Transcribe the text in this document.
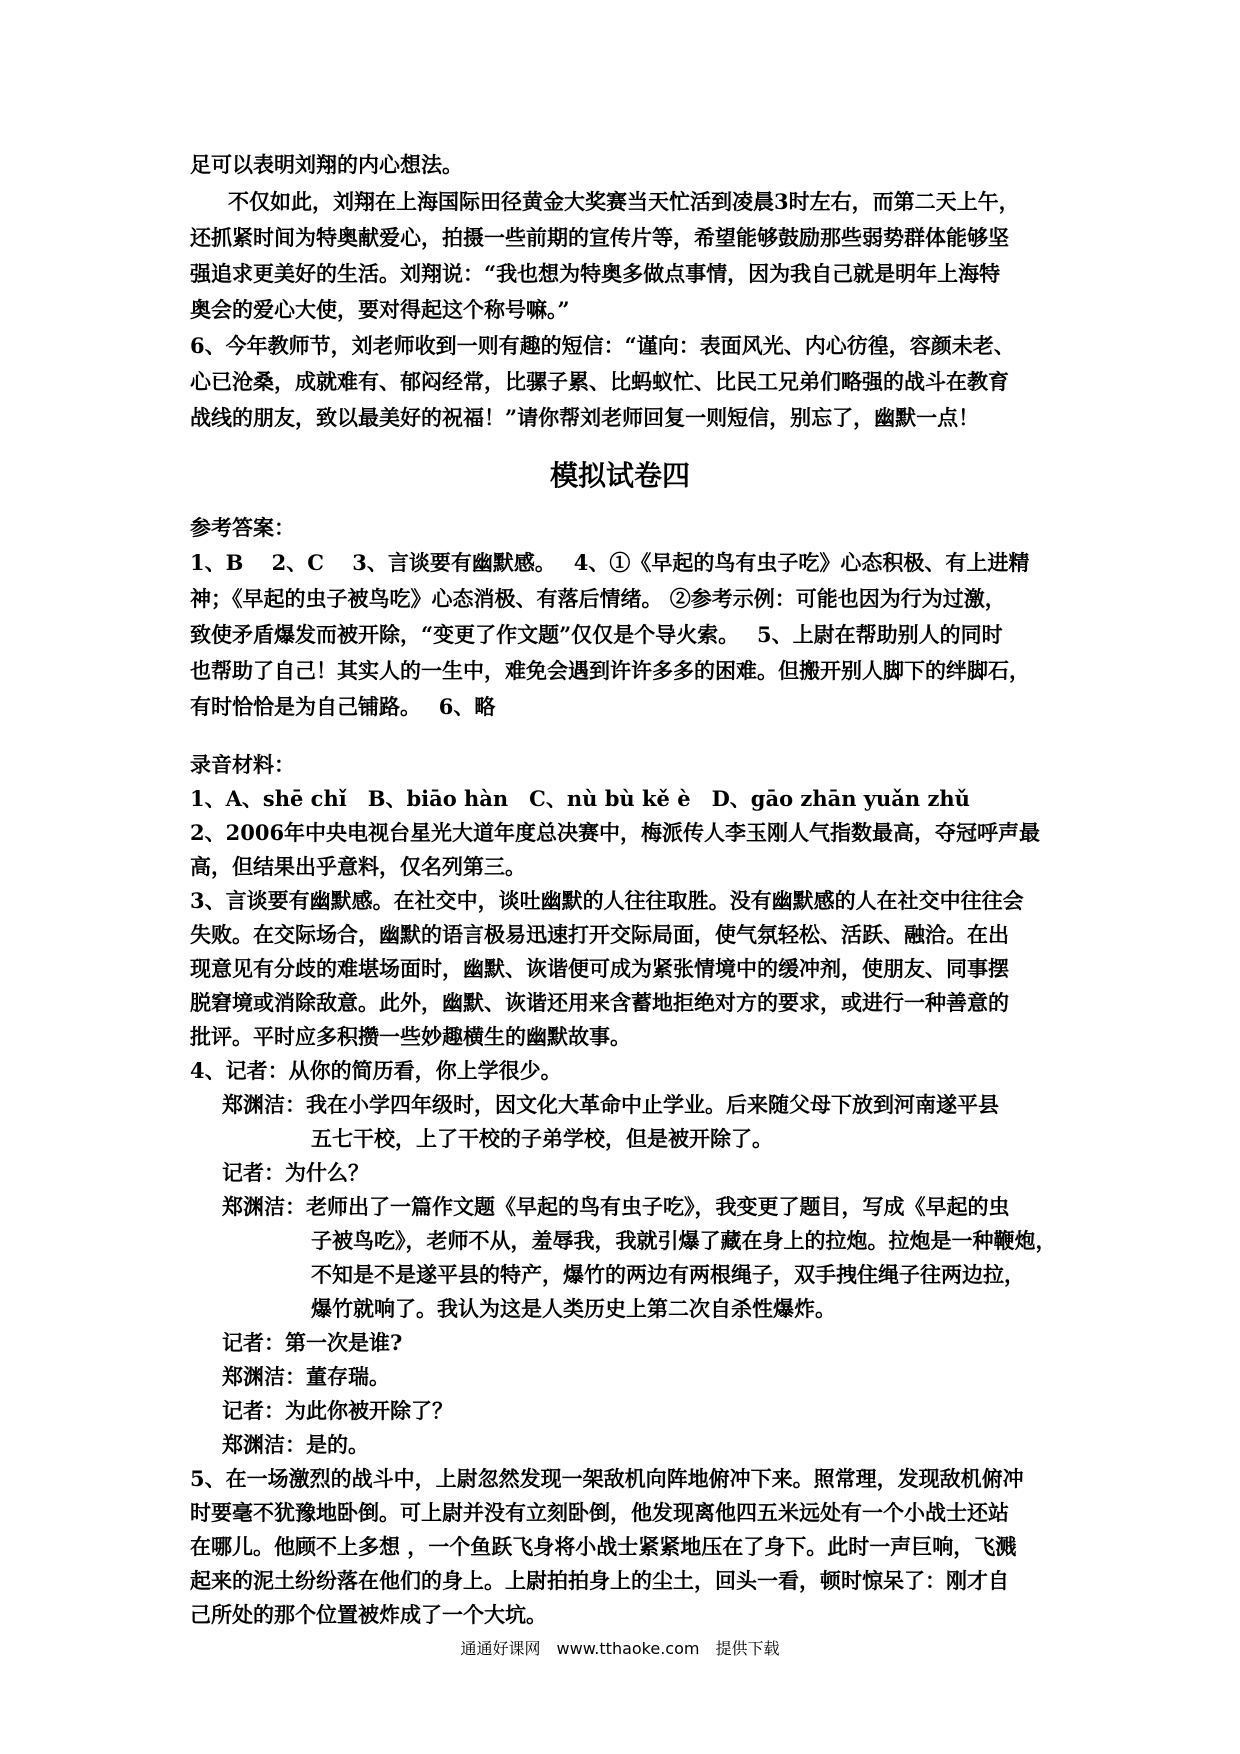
足可以表明刘翔的内心想法。
不仅如此，刘翔在上海国际田径黄金大奖赛当天忙活到凌晨3时左右，而第二天上午，
还抓紧时间为特奥献爱心，拍摄一些前期的宣传片等，希望能够鼓励那些弱势群体能够坚
强追求更美好的生活。刘翔说：“我也想为特奥多做点事情，因为我自己就是明年上海特
奥会的爱心大使，要对得起这个称号嘛。”
6、今年教师节，刘老师收到一则有趣的短信：“谨向：表面风光、内心彷徨，容颜未老、
心已沧桑，成就难有、郁闷经常，比骡子累、比蚂蚁忙、比民工兄弟们略强的战斗在教育
战线的朋友，致以最美好的祝福！”请你帮刘老师回复一则短信，别忘了，幽默一点！
模拟试卷四
参考答案：
1、B　 2、C　 3、言谈要有幽默感。　 4、①《早起的鸟有虫子吃》心态积极、有上进精
神；《早起的虫子被鸟吃》心态消极、有落后情绪。 ②参考示例：可能也因为行为过激，
致使矛盾爆发而被开除，“变更了作文题”仅仅是个导火索。　 5、上尉在帮助别人的同时
也帮助了自己！其实人的一生中，难免会遇到许许多多的困难。但搬开别人脚下的绊脚石，
有时恰恰是为自己铺路。　 6、略
录音材料：
1、A、shē chǐ　B、biāo hàn　C、nù bù kě è　D、gāo zhān yuǎn zhǔ
2、2006年中央电视台星光大道年度总决赛中，梅派传人李玉刚人气指数最高，夺冠呼声最
高，但结果出乎意料，仅名列第三。
3、言谈要有幽默感。在社交中，谈吐幽默的人往往取胜。没有幽默感的人在社交中往往会
失败。在交际场合，幽默的语言极易迅速打开交际局面，使气氛轻松、活跃、融洽。在出
现意见有分歧的难堪场面时，幽默、诙谐便可成为紧张情境中的缓冲剂，使朋友、同事摆
脱窘境或消除敌意。此外，幽默、诙谐还用来含蓄地拒绝对方的要求，或进行一种善意的
批评。平时应多积攒一些妙趣横生的幽默故事。
4、记者：从你的简历看，你上学很少。
郑渊洁：我在小学四年级时，因文化大革命中止学业。后来随父母下放到河南遂平县
五七干校，上了干校的子弟学校，但是被开除了。
记者：为什么？
郑渊洁：老师出了一篇作文题《早起的鸟有虫子吃》，我变更了题目，写成《早起的虫
子被鸟吃》，老师不从，羞辱我，我就引爆了藏在身上的拉炮。拉炮是一种鞭炮，
不知是不是遂平县的特产，爆竹的两边有两根绳子，双手拽住绳子往两边拉，
爆竹就响了。我认为这是人类历史上第二次自杀性爆炸。
记者：第一次是谁?
郑渊洁：董存瑞。
记者：为此你被开除了？
郑渊洁：是的。
5、在一场激烈的战斗中，上尉忽然发现一架敌机向阵地俯冲下来。照常理，发现敌机俯冲
时要毫不犹豫地卧倒。可上尉并没有立刻卧倒，他发现离他四五米远处有一个小战士还站
在哪儿。他顾不上多想 ，一个鱼跃飞身将小战士紧紧地压在了身下。此时一声巨响，飞溅
起来的泥土纷纷落在他们的身上。上尉拍拍身上的尘土，回头一看，顿时惊呆了：刚才自
己所处的那个位置被炸成了一个大坑。
通通好课网　www.tthaoke.com　提供下载
